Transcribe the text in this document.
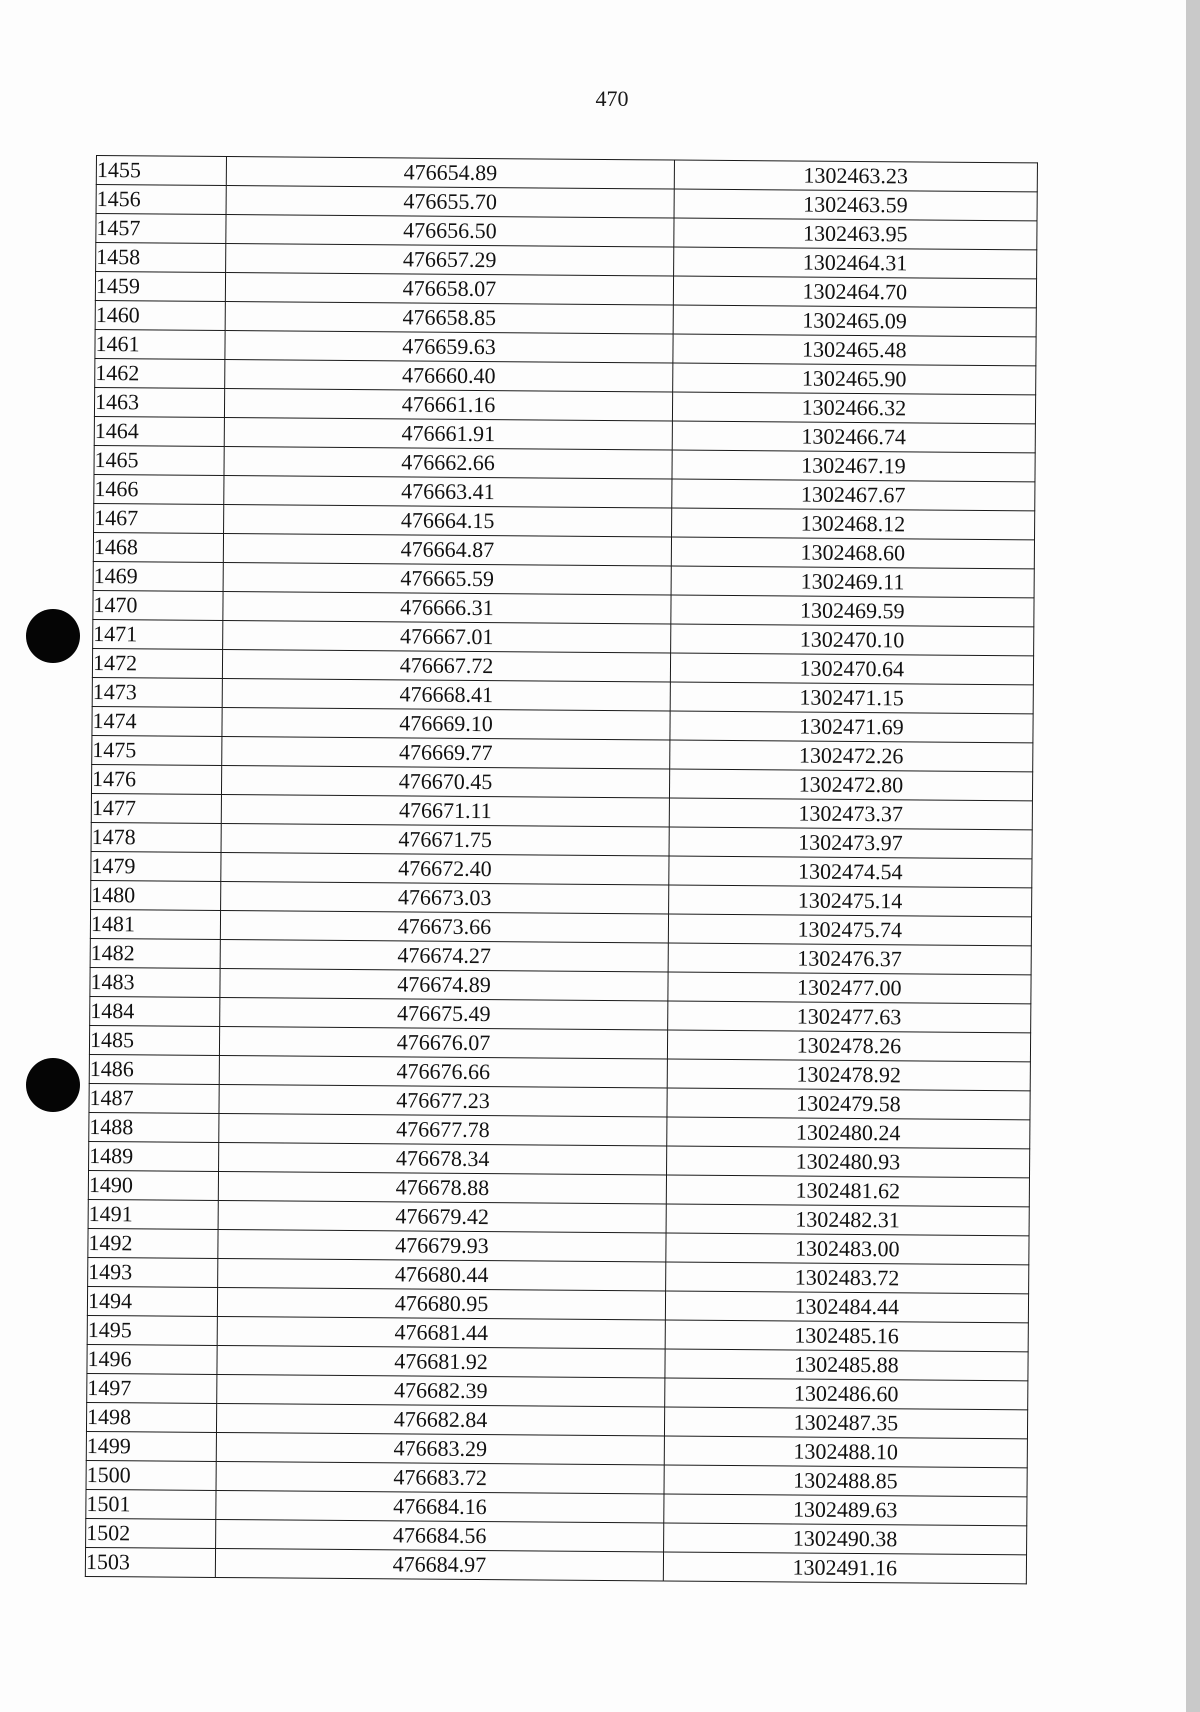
470
1455	476654.89	1302463.23
1456	476655.70	1302463.59
1457	476656.50	1302463.95
1458	476657.29	1302464.31
1459	476658.07	1302464.70
1460	476658.85	1302465.09
1461	476659.63	1302465.48
1462	476660.40	1302465.90
1463	476661.16	1302466.32
1464	476661.91	1302466.74
1465	476662.66	1302467.19
1466	476663.41	1302467.67
1467	476664.15	1302468.12
1468	476664.87	1302468.60
1469	476665.59	1302469.11
1470	476666.31	1302469.59
1471	476667.01	1302470.10
1472	476667.72	1302470.64
1473	476668.41	1302471.15
1474	476669.10	1302471.69
1475	476669.77	1302472.26
1476	476670.45	1302472.80
1477	476671.11	1302473.37
1478	476671.75	1302473.97
1479	476672.40	1302474.54
1480	476673.03	1302475.14
1481	476673.66	1302475.74
1482	476674.27	1302476.37
1483	476674.89	1302477.00
1484	476675.49	1302477.63
1485	476676.07	1302478.26
1486	476676.66	1302478.92
1487	476677.23	1302479.58
1488	476677.78	1302480.24
1489	476678.34	1302480.93
1490	476678.88	1302481.62
1491	476679.42	1302482.31
1492	476679.93	1302483.00
1493	476680.44	1302483.72
1494	476680.95	1302484.44
1495	476681.44	1302485.16
1496	476681.92	1302485.88
1497	476682.39	1302486.60
1498	476682.84	1302487.35
1499	476683.29	1302488.10
1500	476683.72	1302488.85
1501	476684.16	1302489.63
1502	476684.56	1302490.38
1503	476684.97	1302491.16
